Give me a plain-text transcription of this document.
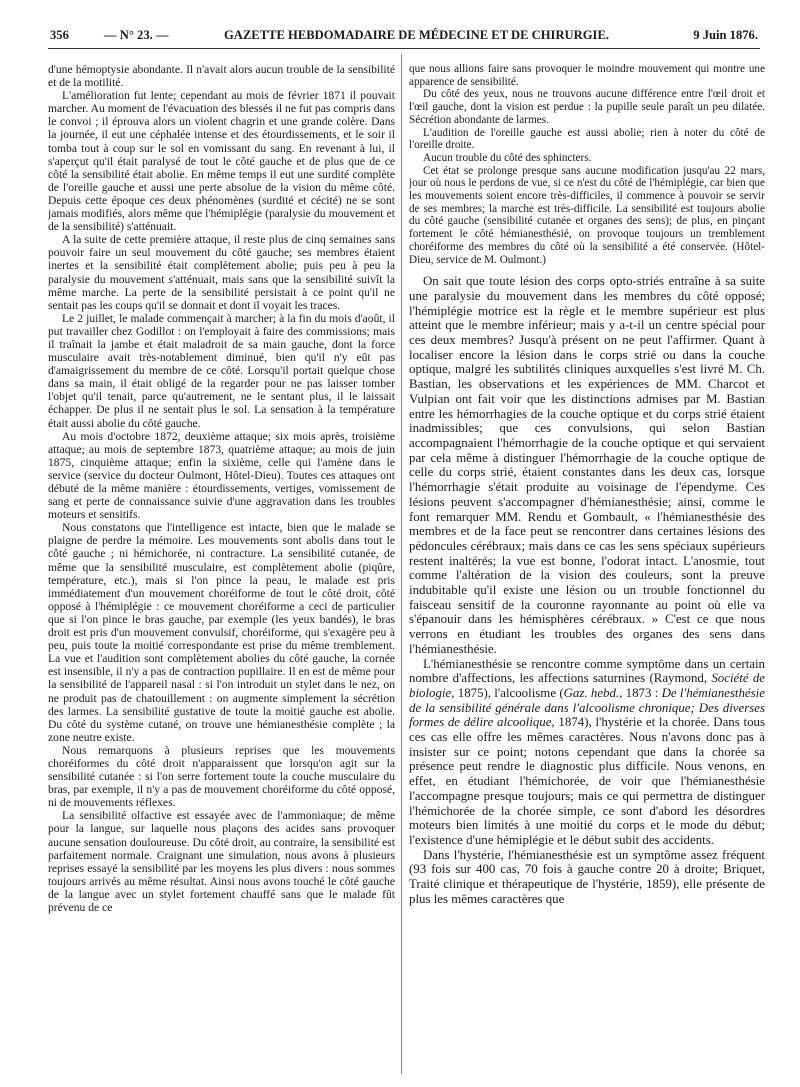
356	— N° 23. —	GAZETTE HEBDOMADAIRE DE MÉDECINE ET DE CHIRURGIE.	9 Juin 1876.

d'une hémoptysie abondante. Il n'avait alors aucun trouble de la sensibilité et de la motilité.

L'amélioration fut lente; cependant au mois de février 1871 il pouvait marcher. Au moment de l'évacuation des blessés il ne fut pas compris dans le convoi ; il éprouva alors un violent chagrin et une grande colère. Dans la journée, il eut une céphalée intense et des étourdissements, et le soir il tomba tout à coup sur le sol en vomissant du sang. En revenant à lui, il s'aperçut qu'il était paralysé de tout le côté gauche et de plus que de ce côté la sensibilité était abolie. En même temps il eut une surdité complète de l'oreille gauche et aussi une perte absolue de la vision du même côté. Depuis cette époque ces deux phénomènes (surdité et cécité) ne se sont jamais modifiés, alors même que l'hémiplégie (paralysie du mouvement et de la sensibilité) s'atténuait.

A la suite de cette première attaque, il reste plus de cinq semaines sans pouvoir faire un seul mouvement du côté gauche; ses membres étaient inertes et la sensibilité était complètement abolie; puis peu à peu la paralysie du mouvement s'atténuait, mais sans que la sensibilité suivît la même marche. La perte de la sensibilité persistait à ce point qu'il ne sentait pas les coups qu'il se donnait et dont il voyait les traces.

Le 2 juillet, le malade commençait à marcher; à la fin du mois d'août, il put travailler chez Godillot : on l'employait à faire des commissions; mais il traînait la jambe et était maladroit de sa main gauche, dont la force musculaire avait très-notablement diminué, bien qu'il n'y eût pas d'amaigrissement du membre de ce côté. Lorsqu'il portait quelque chose dans sa main, il était obligé de la regarder pour ne pas laisser tomber l'objet qu'il tenait, parce qu'autrement, ne le sentant plus, il le laissait échapper. De plus il ne sentait plus le sol. La sensation à la température était aussi abolie du côté gauche.

Au mois d'octobre 1872, deuxième attaque; six mois après, troisième attaque; au mois de septembre 1873, quatrième attaque; au mois de juin 1875, cinquième attaque; enfin la sixième, celle qui l'amène dans le service (service du docteur Oulmont, Hôtel-Dieu). Toutes ces attaques ont débuté de la même manière : étourdissements, vertiges, vomissement de sang et perte de connaissance suivie d'une aggravation dans les troubles moteurs et sensitifs.

Nous constatons que l'intelligence est intacte, bien que le malade se plaigne de perdre la mémoire. Les mouvements sont abolis dans tout le côté gauche ; ni hémichorée, ni contracture. La sensibilité cutanée, de même que la sensibilité musculaire, est complètement abolie (piqûre, température, etc.), mais si l'on pince la peau, le malade est pris immédiatement d'un mouvement choréiforme de tout le côté droit, côté opposé à l'hémiplégie : ce mouvement choréiforme a ceci de particulier que si l'on pince le bras gauche, par exemple (les yeux bandés), le bras droit est pris d'un mouvement convulsif, choréiforme, qui s'exagère peu à peu, puis toute la moitié correspondante est prise du même tremblement. La vue et l'audition sont complètement abolies du côté gauche, la cornée est insensible, il n'y a pas de contraction pupillaire. Il en est de même pour la sensibilité de l'appareil nasal : si l'on introduit un stylet dans le nez, on ne produit pas de chatouillement : on augmente simplement la sécrétion des larmes. La sensibilité gustative de toute la moitié gauche est abolie. Du côté du système cutané, on trouve une hémianesthésie complète ; la zone neutre existe.

Nous remarquons à plusieurs reprises que les mouvements choréiformes du côté droit n'apparaissent que lorsqu'on agit sur la sensibilité cutanée : si l'on serre fortement toute la couche musculaire du bras, par exemple, il n'y a pas de mouvement choréiforme du côté opposé, ni de mouvements réflexes.

La sensibilité olfactive est essayée avec de l'ammoniaque; de même pour la langue, sur laquelle nous plaçons des acides sans provoquer aucune sensation douloureuse. Du côté droit, au contraire, la sensibilité est parfaitement normale. Craignant une simulation, nous avons à plusieurs reprises essayé la sensibilité par les moyens les plus divers : nous sommes toujours arrivés au même résultat. Ainsi nous avons touché le côté gauche de la langue avec un stylet fortement chauffé sans que le malade fût prévenu de ce

que nous allions faire sans provoquer le moindre mouvement qui montre une apparence de sensibilité.

Du côté des yeux, nous ne trouvons aucune différence entre l'œil droit et l'œil gauche, dont la vision est perdue : la pupille seule paraît un peu dilatée. Sécrétion abondante de larmes.

L'audition de l'oreille gauche est aussi abolie; rien à noter du côté de l'oreille droite.

Aucun trouble du côté des sphincters.

Cet état se prolonge presque sans aucune modification jusqu'au 22 mars, jour où nous le perdons de vue, si ce n'est du côté de l'hémiplégie, car bien que les mouvements soient encore très-difficiles, il commence à pouvoir se servir de ses membres; la marche est très-difficile. La sensibilité est toujours abolie du côté gauche (sensibilité cutanée et organes des sens); de plus, en pinçant fortement le côté hémianesthésié, on provoque toujours un tremblement choréiforme des membres du côté où la sensibilité a été conservée. (Hôtel-Dieu, service de M. Oulmont.)

On sait que toute lésion des corps opto-striés entraîne à sa suite une paralysie du mouvement dans les membres du côté opposé; l'hémiplégie motrice est la règle et le membre supérieur est plus atteint que le membre inférieur; mais y a-t-il un centre spécial pour ces deux membres? Jusqu'à présent on ne peut l'affirmer. Quant à localiser encore la lésion dans le corps strié ou dans la couche optique, malgré les subtilités cliniques auxquelles s'est livré M. Ch. Bastian, les observations et les expériences de MM. Charcot et Vulpian ont fait voir que les distinctions admises par M. Bastian entre les hémorrhagies de la couche optique et du corps strié étaient inadmissibles; que ces convulsions, qui selon Bastian accompagnaient l'hémorrhagie de la couche optique et qui servaient par cela même à distinguer l'hémorrhagie de la couche optique de celle du corps strié, étaient constantes dans les deux cas, lorsque l'hémorrhagie s'était produite au voisinage de l'épendyme. Ces lésions peuvent s'accompagner d'hémianesthésie; ainsi, comme le font remarquer MM. Rendu et Gombault, « l'hémianesthésie des membres et de la face peut se rencontrer dans certaines lésions des pédoncules cérébraux; mais dans ce cas les sens spéciaux supérieurs restent inaltérés; la vue est bonne, l'odorat intact. L'anosmie, tout comme l'altération de la vision des couleurs, sont la preuve indubitable qu'il existe une lésion ou un trouble fonctionnel du faisceau sensitif de la couronne rayonnante au point où elle va s'épanouir dans les hémisphères cérébraux. » C'est ce que nous verrons en étudiant les troubles des organes des sens dans l'hémianesthésie.

L'hémianesthésie se rencontre comme symptôme dans un certain nombre d'affections, les affections saturnines (Raymond, Société de biologie, 1875), l'alcoolisme (Gaz. hebd., 1873 : De l'hémianesthésie de la sensibilité générale dans l'alcoolisme chronique; Des diverses formes de délire alcoolique, 1874), l'hystérie et la chorée. Dans tous ces cas elle offre les mêmes caractères. Nous n'avons donc pas à insister sur ce point; notons cependant que dans la chorée sa présence peut rendre le diagnostic plus difficile. Nous venons, en effet, en étudiant l'hémichorée, de voir que l'hémianesthésie l'accompagne presque toujours; mais ce qui permettra de distinguer l'hémichorée de la chorée simple, ce sont d'abord les désordres moteurs bien limités à une moitié du corps et le mode du début; l'existence d'une hémiplégie et le début subit des accidents.

Dans l'hystérie, l'hémianesthésie est un symptôme assez fréquent (93 fois sur 400 cas, 70 fois à gauche contre 20 à droite; Briquet, Traité clinique et thérapeutique de l'hystérie, 1859), elle présente de plus les mêmes caractères que
